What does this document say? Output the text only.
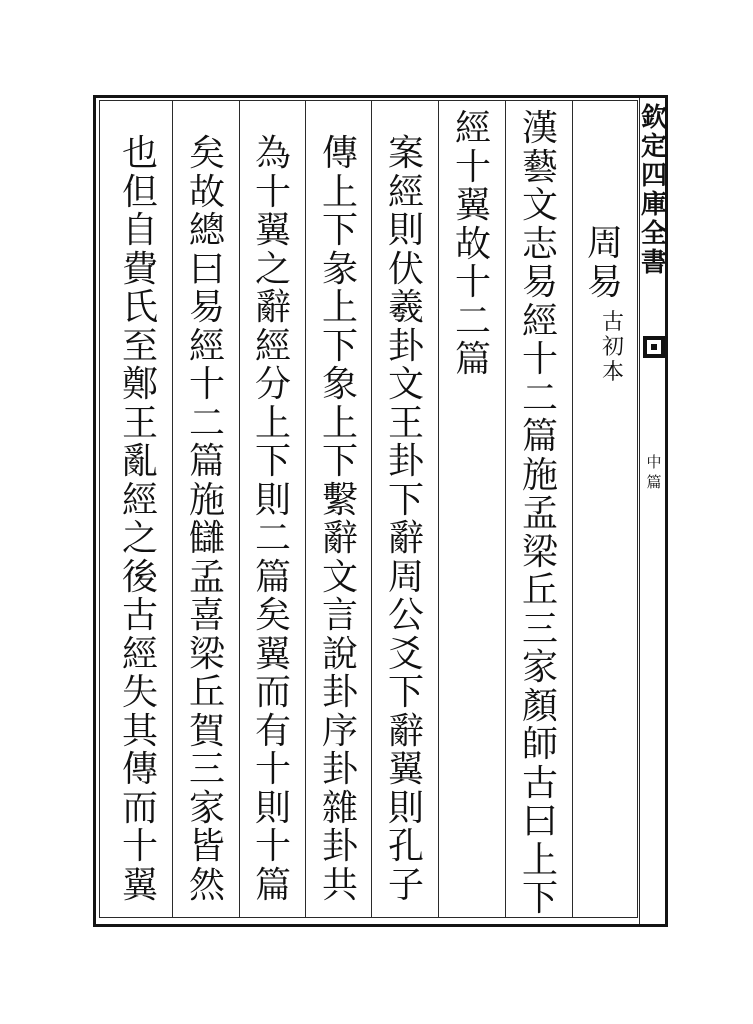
欽
定
四
庫
全
書
中
篇
周
易
古
初
本
漢
藝
文
志
易
經
十
二
篇
施
孟
梁
丘
三
家
顏
師
古
曰
上
下
經
十
翼
故
十
二
篇
案
經
則
伏
羲
卦
文
王
卦
下
辭
周
公
爻
下
辭
翼
則
孔
子
傳
上
下
彖
上
下
象
上
下
繫
辭
文
言
說
卦
序
卦
雜
卦
共
為
十
翼
之
辭
經
分
上
下
則
二
篇
矣
翼
而
有
十
則
十
篇
矣
故
總
曰
易
經
十
二
篇
施
讎
孟
喜
梁
丘
賀
三
家
皆
然
也
但
自
費
氏
至
鄭
王
亂
經
之
後
古
經
失
其
傳
而
十
翼
